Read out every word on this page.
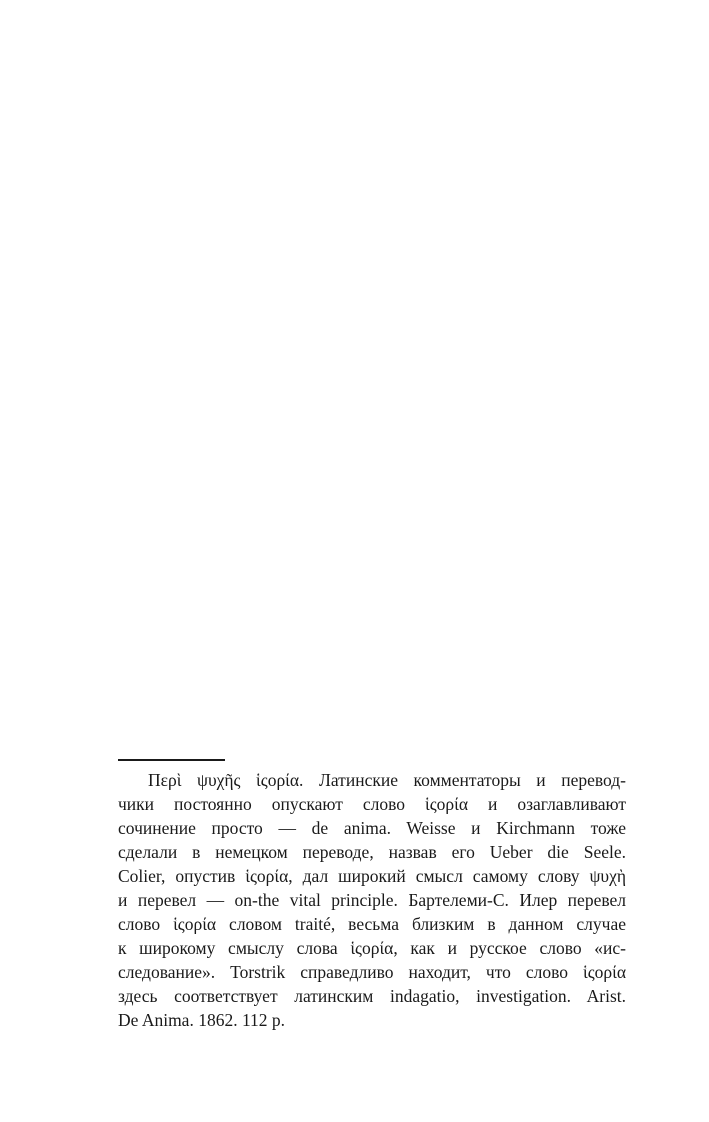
Περὶ ψυχῆς ἱςορία. Латинские комментаторы и перевод-
чики постоянно опускают слово ἱςορία и озаглавливают
сочинение просто — de anima. Weisse и Kirchmann тоже
сделали в немецком переводе, назвав его Ueber die Seele.
Colier, опустив ἱςορία, дал широкий смысл самому слову ψυχὴ
и перевел — on-the vital principle. Бартелеми-С. Илер перевел
слово ἱςορία словом traité, весьма близким в данном случае
к широкому смыслу слова ἱςορία, как и русское слово «ис-
следование». Torstrik справедливо находит, что слово ἱςορία
здесь соответствует латинским indagatio, investigation. Arist.
De Anima. 1862. 112 p.
